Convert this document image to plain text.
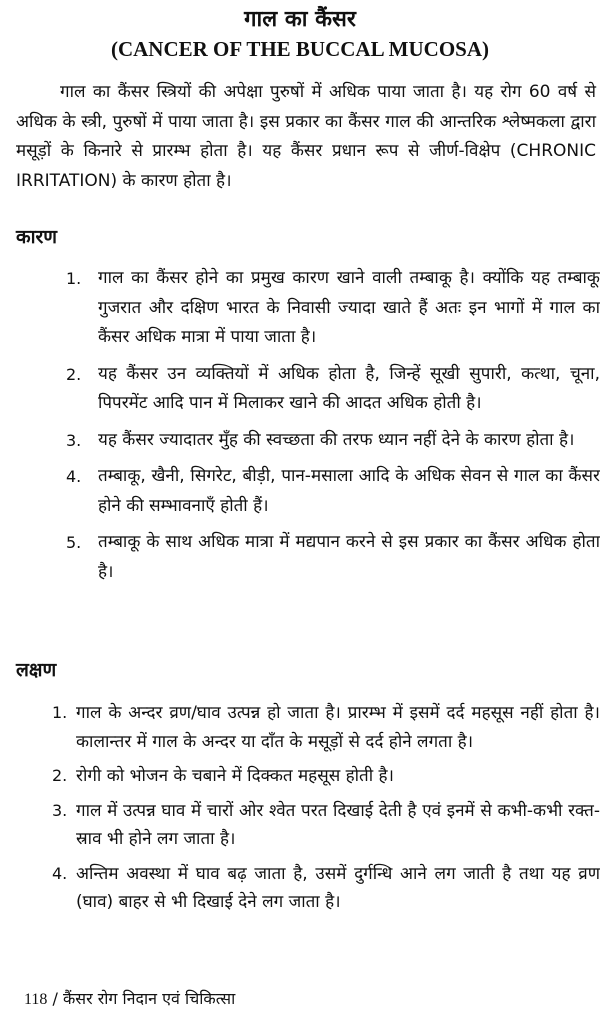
गाल का कैंसर
(CANCER OF THE BUCCAL MUCOSA)

गाल का कैंसर स्त्रियों की अपेक्षा पुरुषों में अधिक पाया जाता है। यह रोग 60 वर्ष से अधिक के स्त्री, पुरुषों में पाया जाता है। इस प्रकार का कैंसर गाल की आन्तरिक श्लेष्मकला द्वारा मसूड़ों के किनारे से प्रारम्भ होता है। यह कैंसर प्रधान रूप से जीर्ण-विक्षेप (CHRONIC IRRITATION) के कारण होता है।

कारण
1. गाल का कैंसर होने का प्रमुख कारण खाने वाली तम्बाकू है। क्योंकि यह तम्बाकू गुजरात और दक्षिण भारत के निवासी ज्यादा खाते हैं अतः इन भागों में गाल का कैंसर अधिक मात्रा में पाया जाता है।
2. यह कैंसर उन व्यक्तियों में अधिक होता है, जिन्हें सूखी सुपारी, कत्था, चूना, पिपरमेंट आदि पान में मिलाकर खाने की आदत अधिक होती है।
3. यह कैंसर ज्यादातर मुँह की स्वच्छता की तरफ ध्यान नहीं देने के कारण होता है।
4. तम्बाकू, खैनी, सिगरेट, बीड़ी, पान-मसाला आदि के अधिक सेवन से गाल का कैंसर होने की सम्भावनाएँ होती हैं।
5. तम्बाकू के साथ अधिक मात्रा में मद्यपान करने से इस प्रकार का कैंसर अधिक होता है।
लक्षण
1. गाल के अन्दर व्रण/घाव उत्पन्न हो जाता है। प्रारम्भ में इसमें दर्द महसूस नहीं होता है। कालान्तर में गाल के अन्दर या दाँत के मसूड़ों से दर्द होने लगता है।
2. रोगी को भोजन के चबाने में दिक्कत महसूस होती है।
3. गाल में उत्पन्न घाव में चारों ओर श्वेत परत दिखाई देती है एवं इनमें से कभी-कभी रक्त-स्राव भी होने लग जाता है।
4. अन्तिम अवस्था में घाव बढ़ जाता है, उसमें दुर्गन्धि आने लग जाती है तथा यह व्रण (घाव) बाहर से भी दिखाई देने लग जाता है।
118 / कैंसर रोग निदान एवं चिकित्सा
